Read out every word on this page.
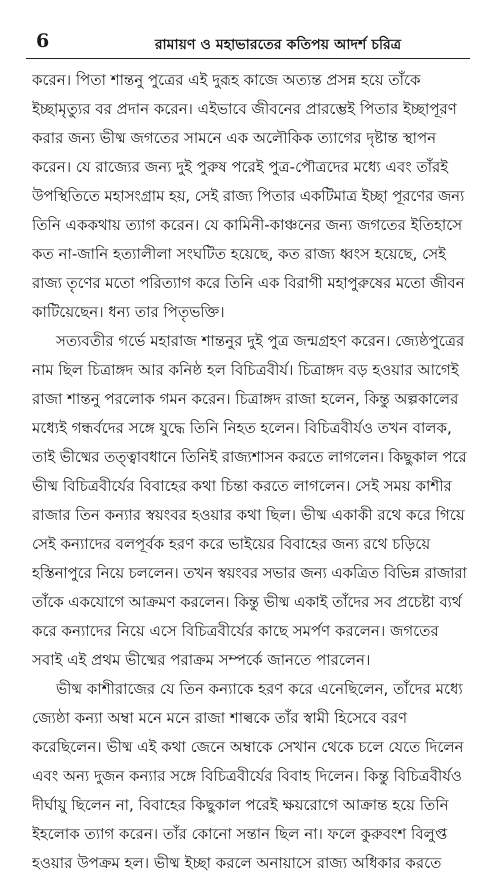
6	রামায়ণ ও মহাভারতের কতিপয় আদর্শ চরিত্র
করেন। পিতা শান্তনু পুত্রের এই দুরূহ কাজে অত্যন্ত প্রসন্ন হয়ে তাঁকে
ইচ্ছামৃত্যুর বর প্রদান করেন। এইভাবে জীবনের প্রারম্ভেই পিতার ইচ্ছাপূরণ
করার জন্য ভীষ্ম জগতের সামনে এক অলৌকিক ত্যাগের দৃষ্টান্ত স্থাপন
করেন। যে রাজ্যের জন্য দুই পুরুষ পরেই পুত্র-পৌত্রদের মধ্যে এবং তাঁরই
উপস্থিতিতে মহাসংগ্রাম হয়, সেই রাজ্য পিতার একটিমাত্র ইচ্ছা পূরণের জন্য
তিনি এককথায় ত্যাগ করেন। যে কামিনী-কাঞ্চনের জন্য জগতের ইতিহাসে
কত না-জানি হত্যালীলা সংঘটিত হয়েছে, কত রাজ্য ধ্বংস হয়েছে, সেই
রাজ্য তৃণের মতো পরিত্যাগ করে তিনি এক বিরাগী মহাপুরুষের মতো জীবন
কাটিয়েছেন। ধন্য তার পিতৃভক্তি।
সত্যবতীর গর্ভে মহারাজ শান্তনুর দুই পুত্র জন্মগ্রহণ করেন। জ্যেষ্ঠপুত্রের
নাম ছিল চিত্রাঙ্গদ আর কনিষ্ঠ হল বিচিত্রবীর্য। চিত্রাঙ্গদ বড় হওয়ার আগেই
রাজা শান্তনু পরলোক গমন করেন। চিত্রাঙ্গদ রাজা হলেন, কিন্তু অল্পকালের
মধ্যেই গন্ধর্বদের সঙ্গে যুদ্ধে তিনি নিহত হলেন। বিচিত্রবীর্যও তখন বালক,
তাই ভীষ্মের তত্ত্বাবধানে তিনিই রাজ্যশাসন করতে লাগলেন। কিছুকাল পরে
ভীষ্ম বিচিত্রবীর্যের বিবাহের কথা চিন্তা করতে লাগলেন। সেই সময় কাশীর
রাজার তিন কন্যার স্বয়ংবর হওয়ার কথা ছিল। ভীষ্ম একাকী রথে করে গিয়ে
সেই কন্যাদের বলপূর্বক হরণ করে ভাইয়ের বিবাহের জন্য রথে চড়িয়ে
হস্তিনাপুরে নিয়ে চললেন। তখন স্বয়ংবর সভার জন্য একত্রিত বিভিন্ন রাজারা
তাঁকে একযোগে আক্রমণ করলেন। কিন্তু ভীষ্ম একাই তাঁদের সব প্রচেষ্টা ব্যর্থ
করে কন্যাদের নিয়ে এসে বিচিত্রবীর্যের কাছে সমর্পণ করলেন। জগতের
সবাই এই প্রথম ভীষ্মের পরাক্রম সম্পর্কে জানতে পারলেন।
ভীষ্ম কাশীরাজের যে তিন কন্যাকে হরণ করে এনেছিলেন, তাঁদের মধ্যে
জ্যেষ্ঠা কন্যা অম্বা মনে মনে রাজা শাল্বকে তাঁর স্বামী হিসেবে বরণ
করেছিলেন। ভীষ্ম এই কথা জেনে অম্বাকে সেখান থেকে চলে যেতে দিলেন
এবং অন্য দুজন কন্যার সঙ্গে বিচিত্রবীর্যের বিবাহ দিলেন। কিন্তু বিচিত্রবীর্যও
দীর্ঘায়ু ছিলেন না, বিবাহের কিছুকাল পরেই ক্ষয়রোগে আক্রান্ত হয়ে তিনি
ইহলোক ত্যাগ করেন। তাঁর কোনো সন্তান ছিল না। ফলে কুরুবংশ বিলুপ্ত
হওয়ার উপক্রম হল। ভীষ্ম ইচ্ছা করলে অনায়াসে রাজ্য অধিকার করতে
